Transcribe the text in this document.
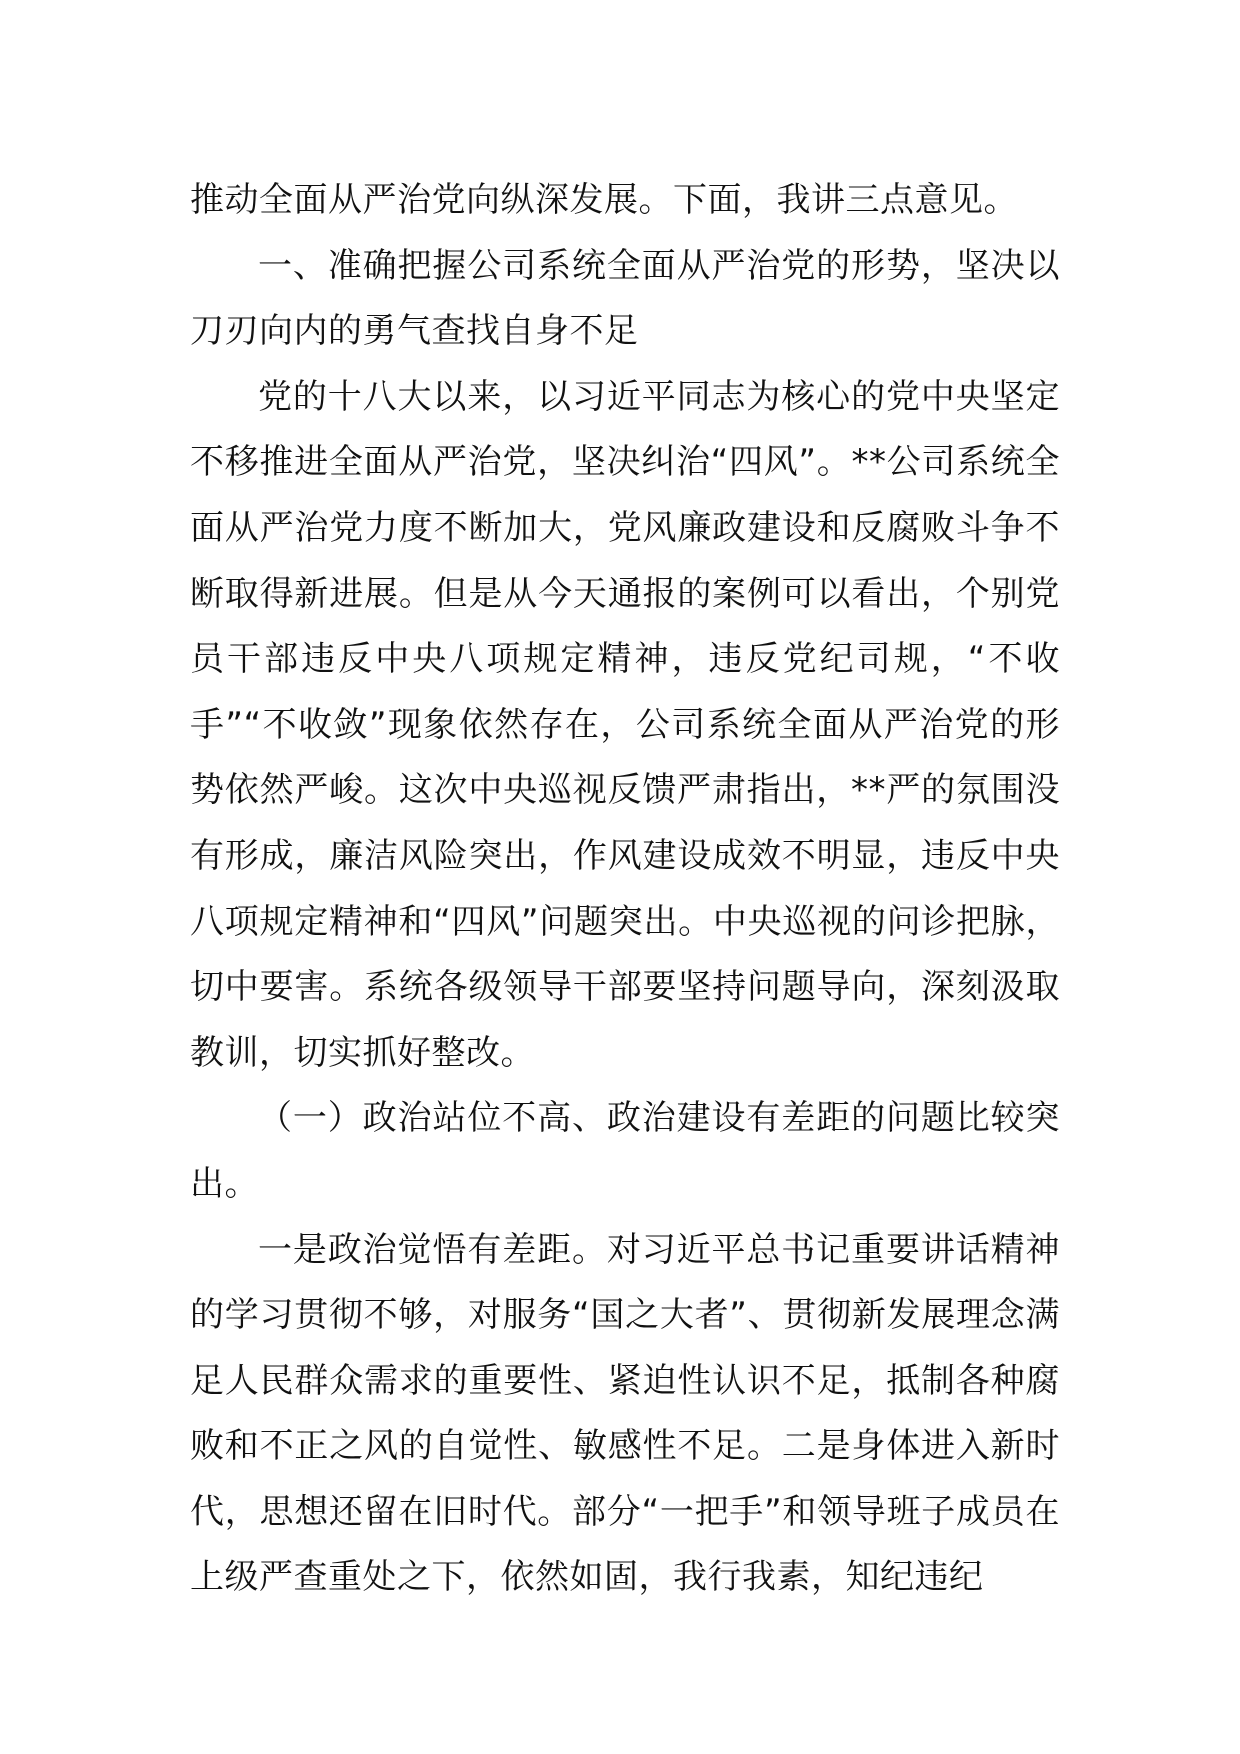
推动全面从严治党向纵深发展。下面，我讲三点意见。

一、准确把握公司系统全面从严治党的形势，坚决以刀刃向内的勇气查找自身不足

党的十八大以来，以习近平同志为核心的党中央坚定不移推进全面从严治党，坚决纠治“四风”。**公司系统全面从严治党力度不断加大，党风廉政建设和反腐败斗争不断取得新进展。但是从今天通报的案例可以看出，个别党员干部违反中央八项规定精神，违反党纪司规，“不收手”“不收敛”现象依然存在，公司系统全面从严治党的形势依然严峻。这次中央巡视反馈严肃指出，**严的氛围没有形成，廉洁风险突出，作风建设成效不明显，违反中央八项规定精神和“四风”问题突出。中央巡视的问诊把脉，切中要害。系统各级领导干部要坚持问题导向，深刻汲取教训，切实抓好整改。

（一）政治站位不高、政治建设有差距的问题比较突出。

一是政治觉悟有差距。对习近平总书记重要讲话精神的学习贯彻不够，对服务“国之大者”、贯彻新发展理念满足人民群众需求的重要性、紧迫性认识不足，抵制各种腐败和不正之风的自觉性、敏感性不足。二是身体进入新时代，思想还留在旧时代。部分“一把手”和领导班子成员在上级严查重处之下，依然如固，我行我素，知纪违纪
